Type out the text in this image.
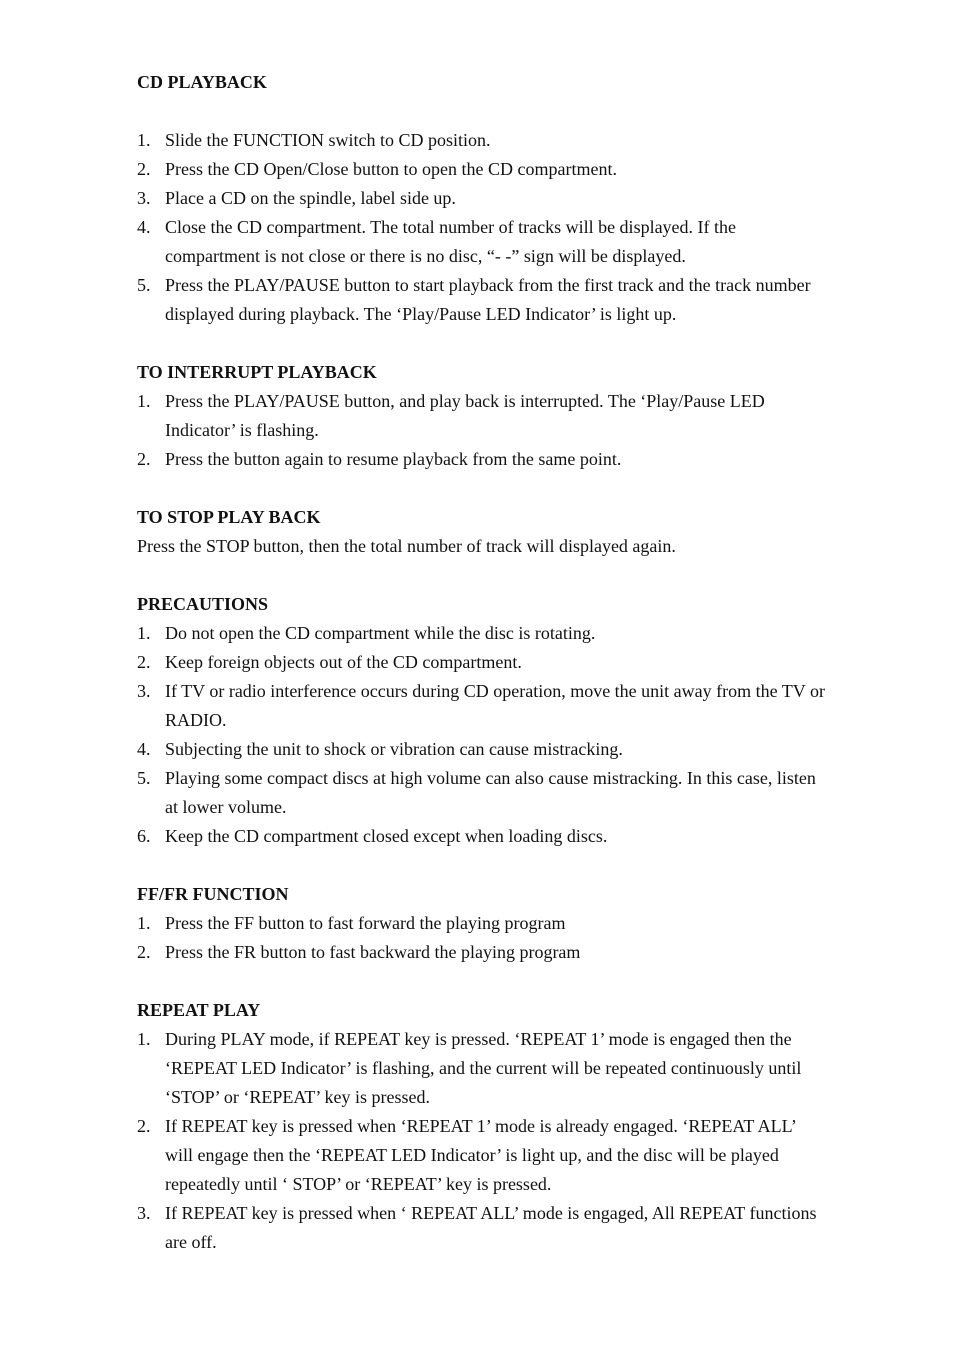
CD PLAYBACK
1. Slide the FUNCTION switch to CD position.
2. Press the CD Open/Close button to open the CD compartment.
3. Place a CD on the spindle, label side up.
4. Close the CD compartment. The total number of tracks will be displayed. If the compartment is not close or there is no disc, “- -” sign will be displayed.
5. Press the PLAY/PAUSE button to start playback from the first track and the track number displayed during playback. The ‘Play/Pause LED Indicator’ is light up.
TO INTERRUPT PLAYBACK
1. Press the PLAY/PAUSE button, and play back is interrupted. The ‘Play/Pause LED Indicator’ is flashing.
2. Press the button again to resume playback from the same point.
TO STOP PLAY BACK

Press the STOP button, then the total number of track will displayed again.

PRECAUTIONS
1. Do not open the CD compartment while the disc is rotating.
2. Keep foreign objects out of the CD compartment.
3. If TV or radio interference occurs during CD operation, move the unit away from the TV or RADIO.
4. Subjecting the unit to shock or vibration can cause mistracking.
5. Playing some compact discs at high volume can also cause mistracking. In this case, listen at lower volume.
6. Keep the CD compartment closed except when loading discs.
FF/FR FUNCTION
1. Press the FF button to fast forward the playing program
2. Press the FR button to fast backward the playing program
REPEAT PLAY
1. During PLAY mode, if REPEAT key is pressed. ‘REPEAT 1’ mode is engaged then the ‘REPEAT LED Indicator’ is flashing, and the current will be repeated continuously until ‘STOP’ or ‘REPEAT’ key is pressed.
2. If REPEAT key is pressed when ‘REPEAT 1’ mode is already engaged. ‘REPEAT ALL’ will engage then the ‘REPEAT LED Indicator’ is light up, and the disc will be played repeatedly until ‘ STOP’ or ‘REPEAT’ key is pressed.
3. If REPEAT key is pressed when ‘ REPEAT ALL’ mode is engaged, All REPEAT functions are off.
